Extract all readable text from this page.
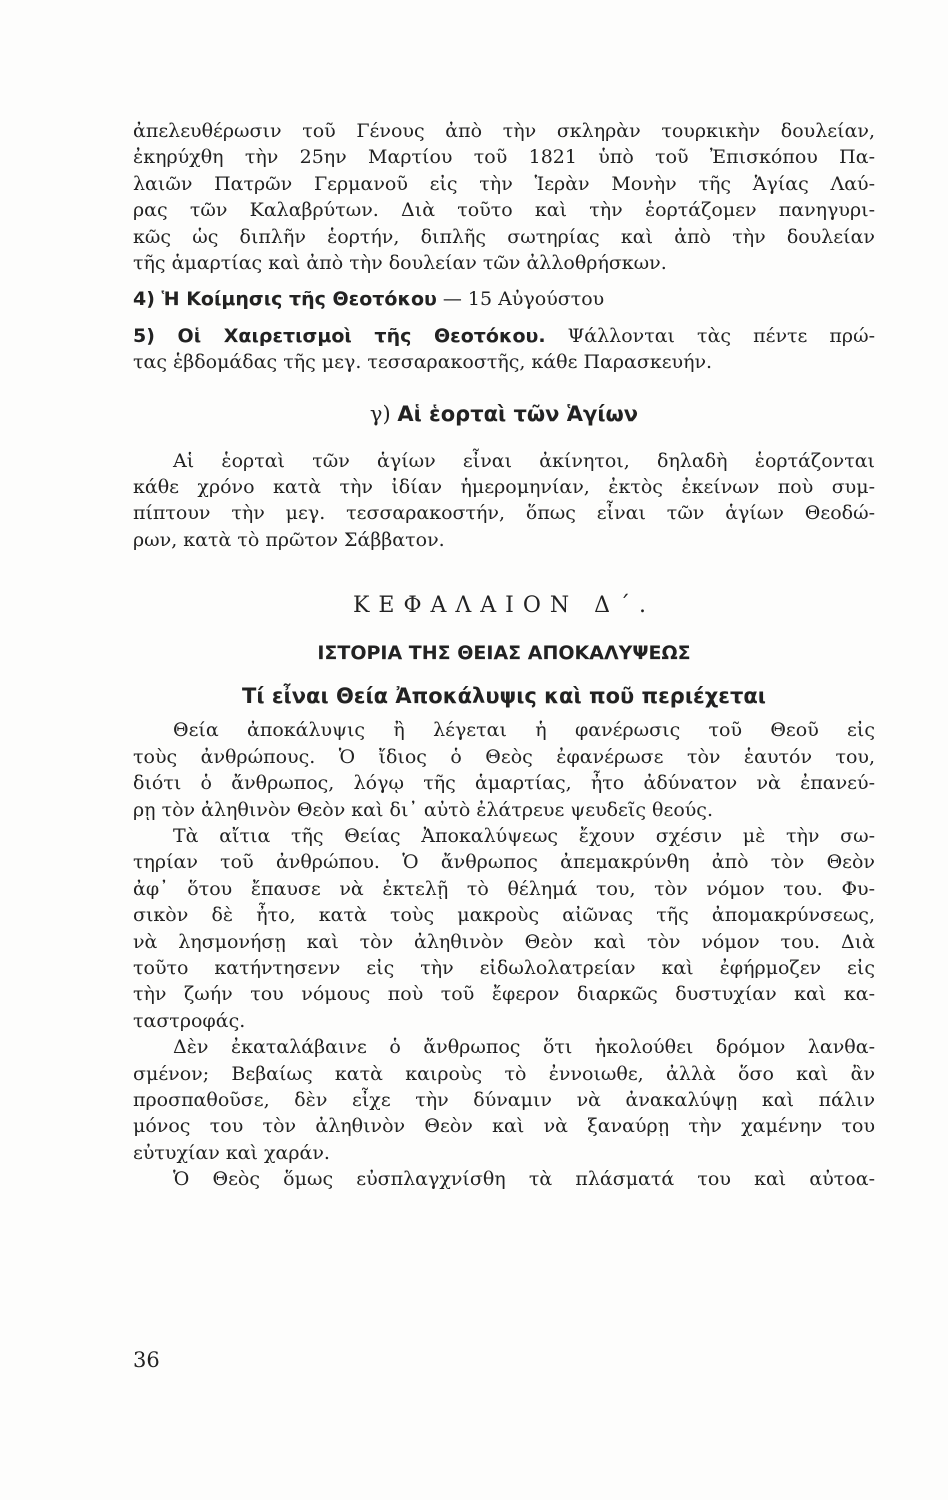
ἀπελευθέρωσιν τοῦ Γένους ἀπὸ τὴν σκληρὰν τουρκικὴν δουλείαν,

ἐκηρύχθη τὴν 25ην Μαρτίου τοῦ 1821 ὑπὸ τοῦ Ἐπισκόπου Πα-

λαιῶν Πατρῶν Γερμανοῦ εἰς τὴν Ἱερὰν Μονὴν τῆς Ἁγίας Λαύ-

ρας τῶν Καλαβρύτων. Διὰ τοῦτο καὶ τὴν ἑορτάζομεν πανηγυρι-

κῶς ὡς διπλῆν ἑορτήν, διπλῆς σωτηρίας καὶ ἀπὸ τὴν δουλείαν

τῆς ἁμαρτίας καὶ ἀπὸ τὴν δουλείαν τῶν ἀλλοθρήσκων.

4) Ἡ Κοίμησις τῆς Θεοτόκου — 15 Αὐγούστου

5) Οἱ Χαιρετισμοὶ τῆς Θεοτόκου. Ψάλλονται τὰς πέντε πρώ-

τας ἑβδομάδας τῆς μεγ. τεσσαρακοστῆς, κάθε Παρασκευήν.

γ) Αἱ ἑορταὶ τῶν Ἁγίων

Αἱ ἑορταὶ τῶν ἁγίων εἶναι ἀκίνητοι, δηλαδὴ ἑορτάζονται

κάθε χρόνο κατὰ τὴν ἰδίαν ἡμερομηνίαν, ἐκτὸς ἐκείνων ποὺ συμ-

πίπτουν τὴν μεγ. τεσσαρακοστήν, ὅπως εἶναι τῶν ἁγίων Θεοδώ-

ρων, κατὰ τὸ πρῶτον Σάββατον.

ΚΕΦΑΛΑΙΟΝ Δ΄.
ΙΣΤΟΡΙΑ ΤΗΣ ΘΕΙΑΣ ΑΠΟΚΑΛΥΨΕΩΣ
Τί εἶναι Θεία Ἀποκάλυψις καὶ ποῦ περιέχεται

Θεία ἀποκάλυψις ἢ λέγεται ἡ φανέρωσις τοῦ Θεοῦ εἰς

τοὺς ἀνθρώπους. Ὁ ἴδιος ὁ Θεὸς ἐφανέρωσε τὸν ἑαυτόν του,

διότι ὁ ἄνθρωπος, λόγῳ τῆς ἁμαρτίας, ἦτο ἀδύνατον νὰ ἐπανεύ-

ρῃ τὸν ἀληθινὸν Θεὸν καὶ δι᾽ αὐτὸ ἐλάτρευε ψευδεῖς θεούς.

Τὰ αἴτια τῆς Θείας Ἀποκαλύψεως ἔχουν σχέσιν μὲ τὴν σω-

τηρίαν τοῦ ἀνθρώπου. Ὁ ἄνθρωπος ἀπεμακρύνθη ἀπὸ τὸν Θεὸν

ἀφ᾽ ὅτου ἔπαυσε νὰ ἐκτελῇ τὸ θέλημά του, τὸν νόμον του. Φυ-

σικὸν δὲ ἦτο, κατὰ τοὺς μακροὺς αἰῶνας τῆς ἀπομακρύνσεως,

νὰ λησμονήσῃ καὶ τὸν ἀληθινὸν Θεὸν καὶ τὸν νόμον του. Διὰ

τοῦτο κατήντησενν εἰς τὴν εἰδωλολατρείαν καὶ ἐφήρμοζεν εἰς

τὴν ζωήν του νόμους ποὺ τοῦ ἔφερον διαρκῶς δυστυχίαν καὶ κα-

ταστροφάς.

Δὲν ἐκαταλάβαινε ὁ ἄνθρωπος ὅτι ἠκολούθει δρόμον λανθα-

σμένον; Βεβαίως κατὰ καιροὺς τὸ ἐννοιωθε, ἀλλὰ ὅσο καὶ ἂν

προσπαθοῦσε, δὲν εἶχε τὴν δύναμιν νὰ ἀνακαλύψῃ καὶ πάλιν

μόνος του τὸν ἀληθινὸν Θεὸν καὶ νὰ ξαναύρῃ τὴν χαμένην του

εὐτυχίαν καὶ χαράν.

Ὁ Θεὸς ὅμως εὐσπλαγχνίσθη τὰ πλάσματά του καὶ αὐτοα-

36
